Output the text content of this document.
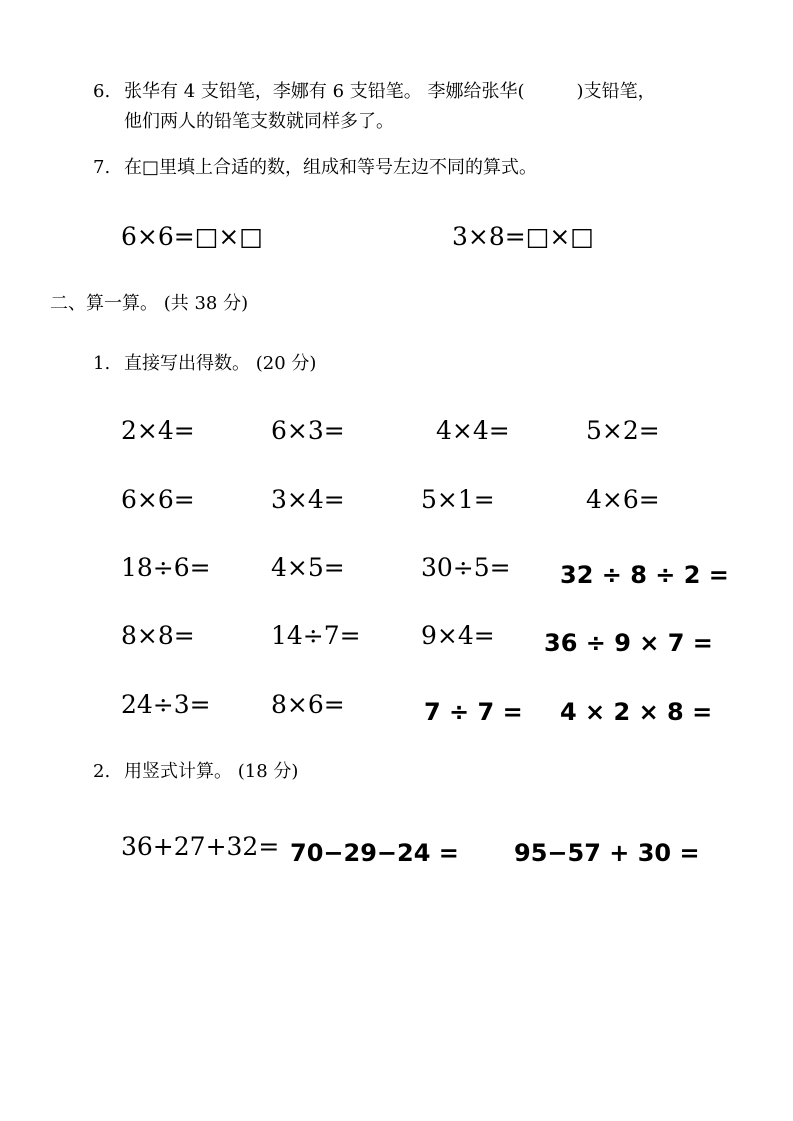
6. 张华有 4 支铅笔，李娜有 6 支铅笔。 李娜给张华(	)支铅笔，
他们两人的铅笔支数就同样多了。
7. 在□里填上合适的数，组成和等号左边不同的算式。
6×6=□×□	3×8=□×□
二、算一算。 (共 38 分)
1. 直接写出得数。 (20 分)
2×4=	6×3=	4×4=	5×2=
6×6=	3×4=	5×1=	4×6=
18÷6= 4×5=	30÷5= 32 ÷ 8 ÷ 2 =
8×8=	14÷7= 9×4= 36 ÷ 9 × 7 =
24÷3= 8×6=	7 ÷ 7 = 4 × 2 × 8 =
2. 用竖式计算。 (18 分)
36+27+32= 70−29−24 = 95−57 + 30 =
